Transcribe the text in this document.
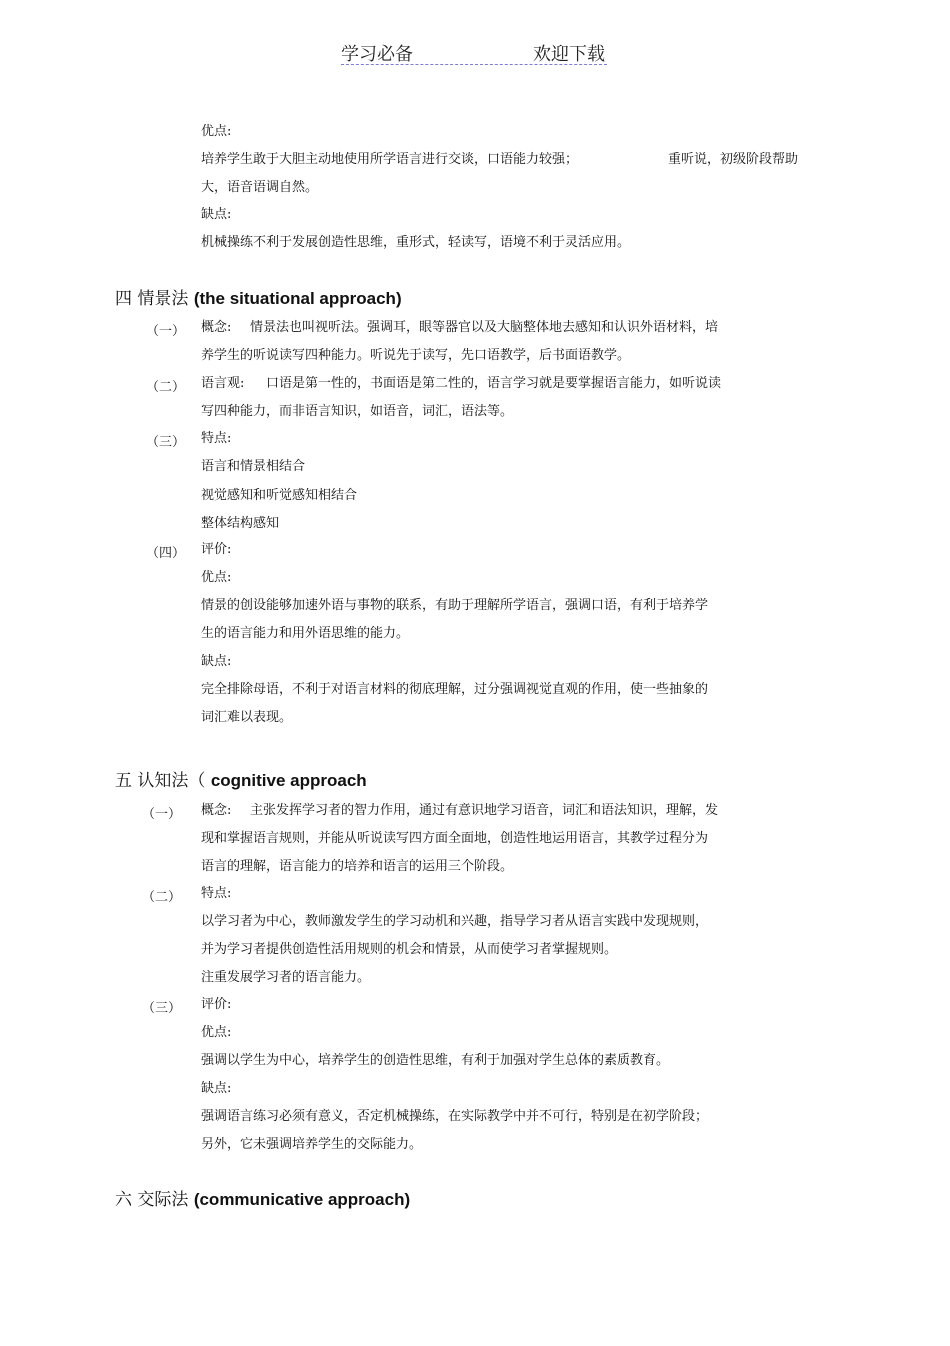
学习必备	欢迎下载
优点:
培养学生敢于大胆主动地使用所学语言进行交谈，口语能力较强；	重听说，初级阶段帮助
大，语音语调自然。
缺点:
机械操练不利于发展创造性思维，重形式，轻读写，语境不利于灵活应用。
四 情景法 (the situational approach)
（一） 概念: 情景法也叫视听法。强调耳，眼等器官以及大脑整体地去感知和认识外语材料，培
养学生的听说读写四种能力。听说先于读写，先口语教学，后书面语教学。
（二） 语言观: 口语是第一性的，书面语是第二性的，语言学习就是要掌握语言能力，如听说读
写四种能力，而非语言知识，如语音，词汇，语法等。
（三） 特点:
语言和情景相结合
视觉感知和听觉感知相结合
整体结构感知
（四） 评价:
优点:
情景的创设能够加速外语与事物的联系，有助于理解所学语言，强调口语，有利于培养学
生的语言能力和用外语思维的能力。
缺点:
完全排除母语，不利于对语言材料的彻底理解，过分强调视觉直观的作用，使一些抽象的
词汇难以表现。
五 认知法（ cognitive approach
（一） 概念: 主张发挥学习者的智力作用，通过有意识地学习语音，词汇和语法知识，理解，发
现和掌握语言规则，并能从听说读写四方面全面地，创造性地运用语言，其教学过程分为
语言的理解，语言能力的培养和语言的运用三个阶段。
（二） 特点:
以学习者为中心，教师激发学生的学习动机和兴趣，指导学习者从语言实践中发现规则，
并为学习者提供创造性活用规则的机会和情景，从而使学习者掌握规则。
注重发展学习者的语言能力。
（三） 评价:
优点:
强调以学生为中心，培养学生的创造性思维，有利于加强对学生总体的素质教育。
缺点:
强调语言练习必须有意义，否定机械操练，在实际教学中并不可行，特别是在初学阶段；
另外，它未强调培养学生的交际能力。
六 交际法 (communicative approach)
